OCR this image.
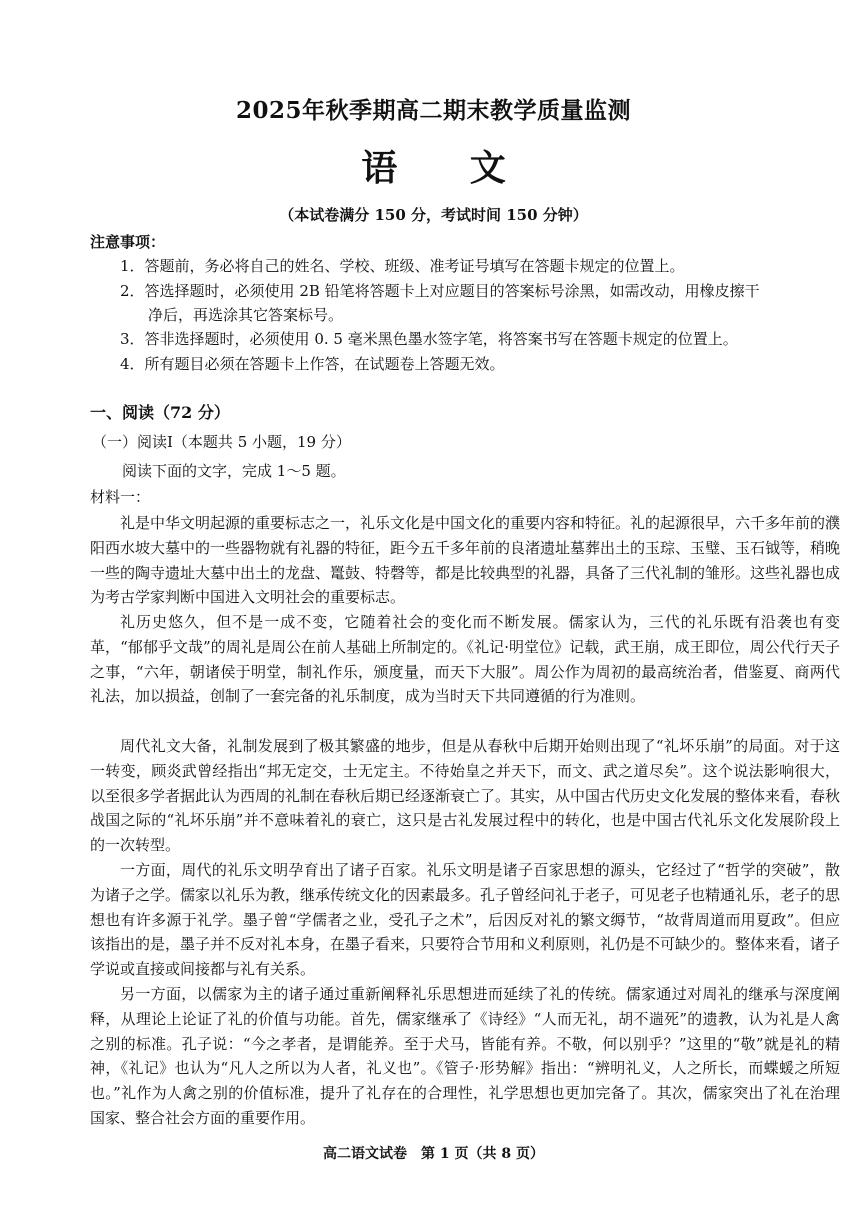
2025年秋季期高二期末教学质量监测
语 文
（本试卷满分 150 分，考试时间 150 分钟）
注意事项：
1．答题前，务必将自己的姓名、学校、班级、准考证号填写在答题卡规定的位置上。
2．答选择题时，必须使用 2B 铅笔将答题卡上对应题目的答案标号涂黑，如需改动，用橡皮擦干
净后，再选涂其它答案标号。
3．答非选择题时，必须使用 0. 5 毫米黑色墨水签字笔，将答案书写在答题卡规定的位置上。
4．所有题目必须在答题卡上作答，在试题卷上答题无效。
一、阅读（72 分）
（一）阅读Ⅰ（本题共 5 小题，19 分）
阅读下面的文字，完成 1～5 题。
材料一：
礼是中华文明起源的重要标志之一，礼乐文化是中国文化的重要内容和特征。礼的起源很早，六千多年前的濮阳西水坡大墓中的一些器物就有礼器的特征，距今五千多年前的良渚遗址墓葬出土的玉琮、玉璧、玉石钺等，稍晚一些的陶寺遗址大墓中出土的龙盘、鼍鼓、特磬等，都是比较典型的礼器，具备了三代礼制的雏形。这些礼器也成为考古学家判断中国进入文明社会的重要标志。
礼历史悠久，但不是一成不变，它随着社会的变化而不断发展。儒家认为，三代的礼乐既有沿袭也有变革，“郁郁乎文哉”的周礼是周公在前人基础上所制定的。《礼记·明堂位》记载，武王崩，成王即位，周公代行天子之事，“六年，朝诸侯于明堂，制礼作乐，颁度量，而天下大服”。周公作为周初的最高统治者，借鉴夏、商两代礼法，加以损益，创制了一套完备的礼乐制度，成为当时天下共同遵循的行为准则。
周代礼文大备，礼制发展到了极其繁盛的地步，但是从春秋中后期开始则出现了“礼坏乐崩”的局面。对于这一转变，顾炎武曾经指出“邦无定交，士无定主。不待始皇之并天下，而文、武之道尽矣”。这个说法影响很大，以至很多学者据此认为西周的礼制在春秋后期已经逐渐衰亡了。其实，从中国古代历史文化发展的整体来看，春秋战国之际的“礼坏乐崩”并不意味着礼的衰亡，这只是古礼发展过程中的转化，也是中国古代礼乐文化发展阶段上的一次转型。
一方面，周代的礼乐文明孕育出了诸子百家。礼乐文明是诸子百家思想的源头，它经过了“哲学的突破”，散为诸子之学。儒家以礼乐为教，继承传统文化的因素最多。孔子曾经问礼于老子，可见老子也精通礼乐，老子的思想也有许多源于礼学。墨子曾“学儒者之业，受孔子之术”，后因反对礼的繁文缛节，“故背周道而用夏政”。但应该指出的是，墨子并不反对礼本身，在墨子看来，只要符合节用和义利原则，礼仍是不可缺少的。整体来看，诸子学说或直接或间接都与礼有关系。
另一方面，以儒家为主的诸子通过重新阐释礼乐思想进而延续了礼的传统。儒家通过对周礼的继承与深度阐释，从理论上论证了礼的价值与功能。首先，儒家继承了《诗经》“人而无礼，胡不遄死”的遗教，认为礼是人禽之别的标准。孔子说：“今之孝者，是谓能养。至于犬马，皆能有养。不敬，何以别乎？”这里的“敬”就是礼的精神，《礼记》也认为“凡人之所以为人者，礼义也”。《管子·形势解》指出：“辨明礼义，人之所长，而蝶蝯之所短也。”礼作为人禽之别的价值标准，提升了礼存在的合理性，礼学思想也更加完备了。其次，儒家突出了礼在治理国家、整合社会方面的重要作用。
高二语文试卷　第 1 页（共 8 页）
